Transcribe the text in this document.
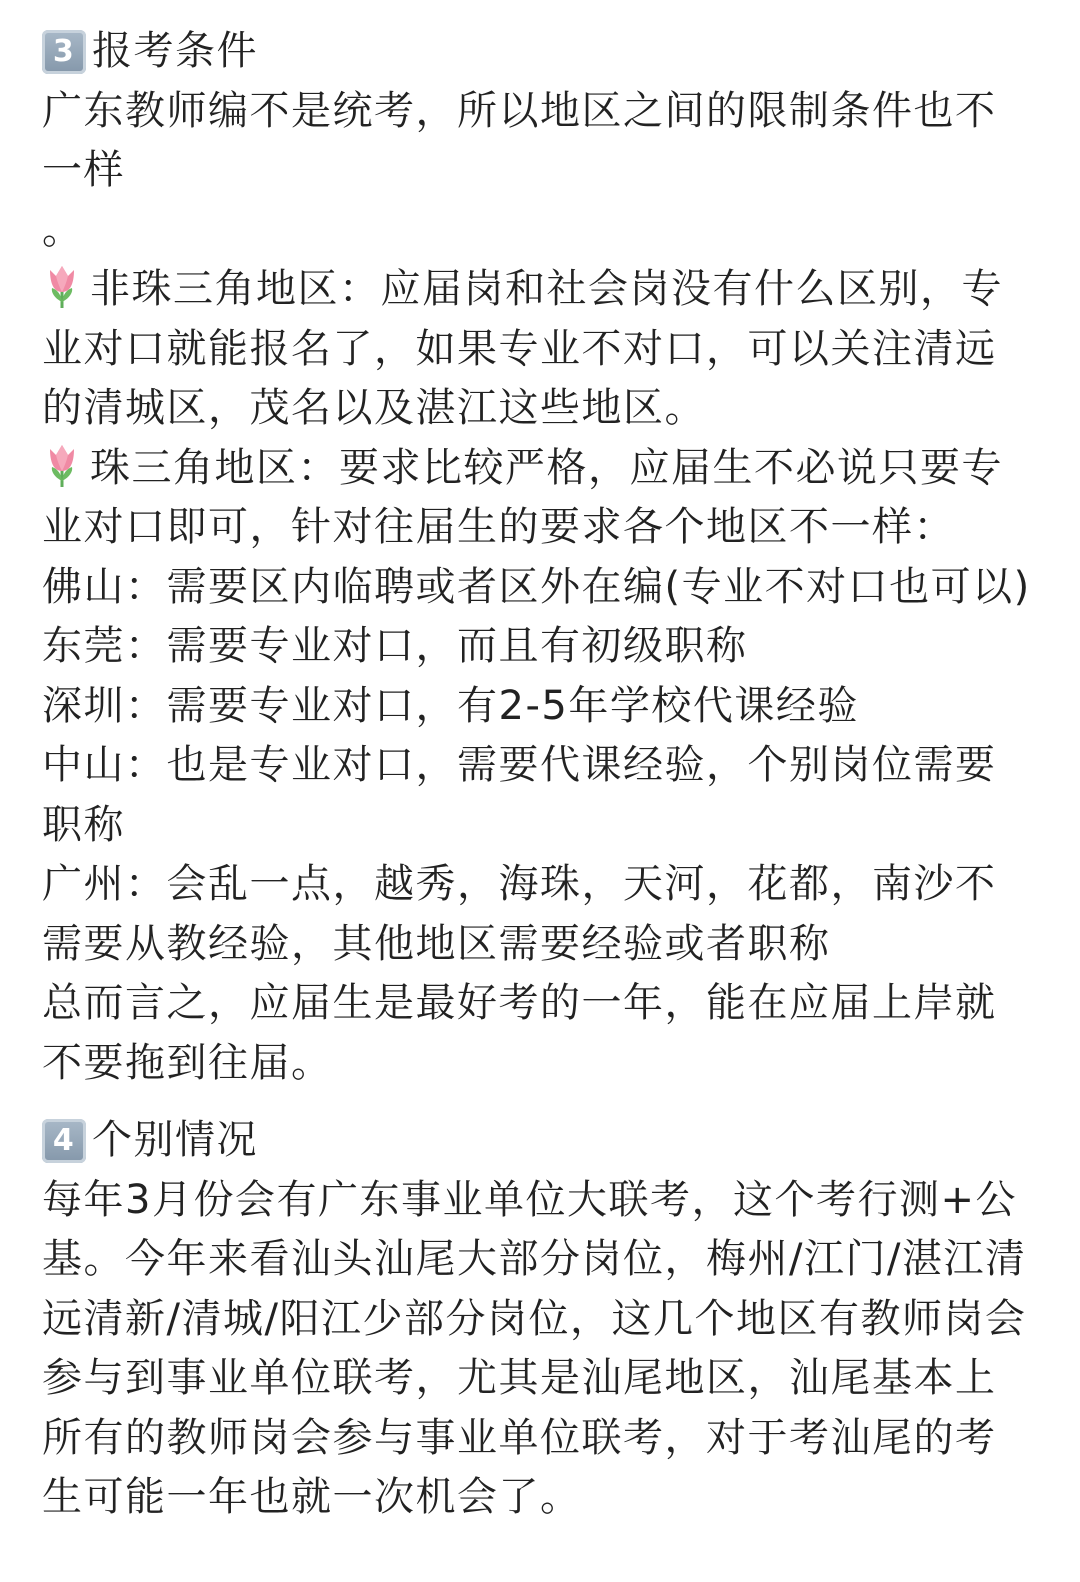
3 报考条件
广东教师编不是统考，所以地区之间的限制条件也不
一样
。
非珠三角地区：应届岗和社会岗没有什么区别，专
业对口就能报名了，如果专业不对口，可以关注清远
的清城区，茂名以及湛江这些地区。
珠三角地区：要求比较严格，应届生不必说只要专
业对口即可，针对往届生的要求各个地区不一样：
佛山：需要区内临聘或者区外在编(专业不对口也可以)
东莞：需要专业对口，而且有初级职称
深圳：需要专业对口，有2-5年学校代课经验
中山：也是专业对口，需要代课经验，个别岗位需要
职称
广州：会乱一点，越秀，海珠，天河，花都，南沙不
需要从教经验，其他地区需要经验或者职称
总而言之，应届生是最好考的一年，能在应届上岸就
不要拖到往届。
4 个别情况
每年3月份会有广东事业单位大联考，这个考行测+公
基。今年来看汕头汕尾大部分岗位，梅州/江门/湛江清
远清新/清城/阳江少部分岗位，这几个地区有教师岗会
参与到事业单位联考，尤其是汕尾地区，汕尾基本上
所有的教师岗会参与事业单位联考，对于考汕尾的考
生可能一年也就一次机会了。
